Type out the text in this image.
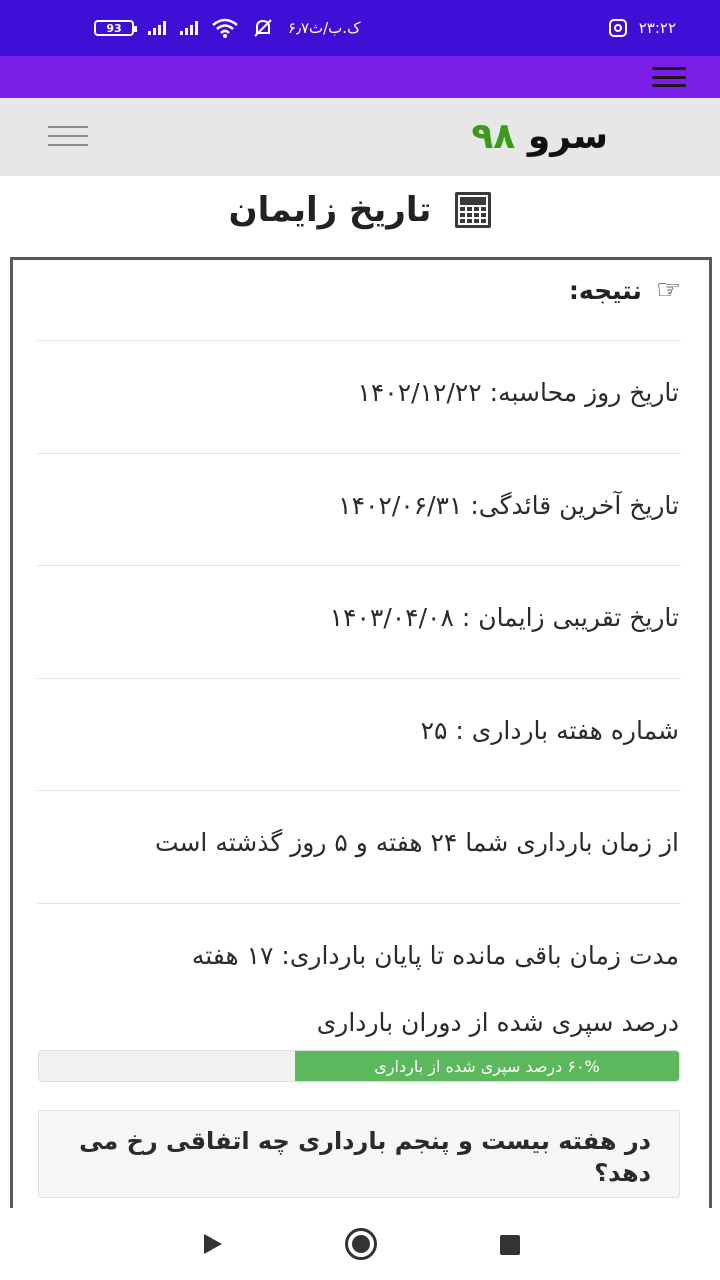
93	۶٫۷ک.ب/ث	۲۳:۲۲
سرو ۹۸
تاریخ زایمان
☜
نتیجه:
تاریخ روز محاسبه: ۱۴۰۲/۱۲/۲۲
تاریخ آخرین قائدگی: ۱۴۰۲/۰۶/۳۱
تاریخ تقریبی زایمان : ۱۴۰۳/۰۴/۰۸
شماره هفته بارداری : ۲۵
از زمان بارداری شما ۲۴ هفته و ۵ روز گذشته است
مدت زمان باقی مانده تا پایان بارداری: ۱۷ هفته
درصد سپری شده از دوران بارداری
۶۰% درصد سپری شده از بارداری
در هفته بیست و پنجم بارداری چه اتفاقی رخ می دهد؟
